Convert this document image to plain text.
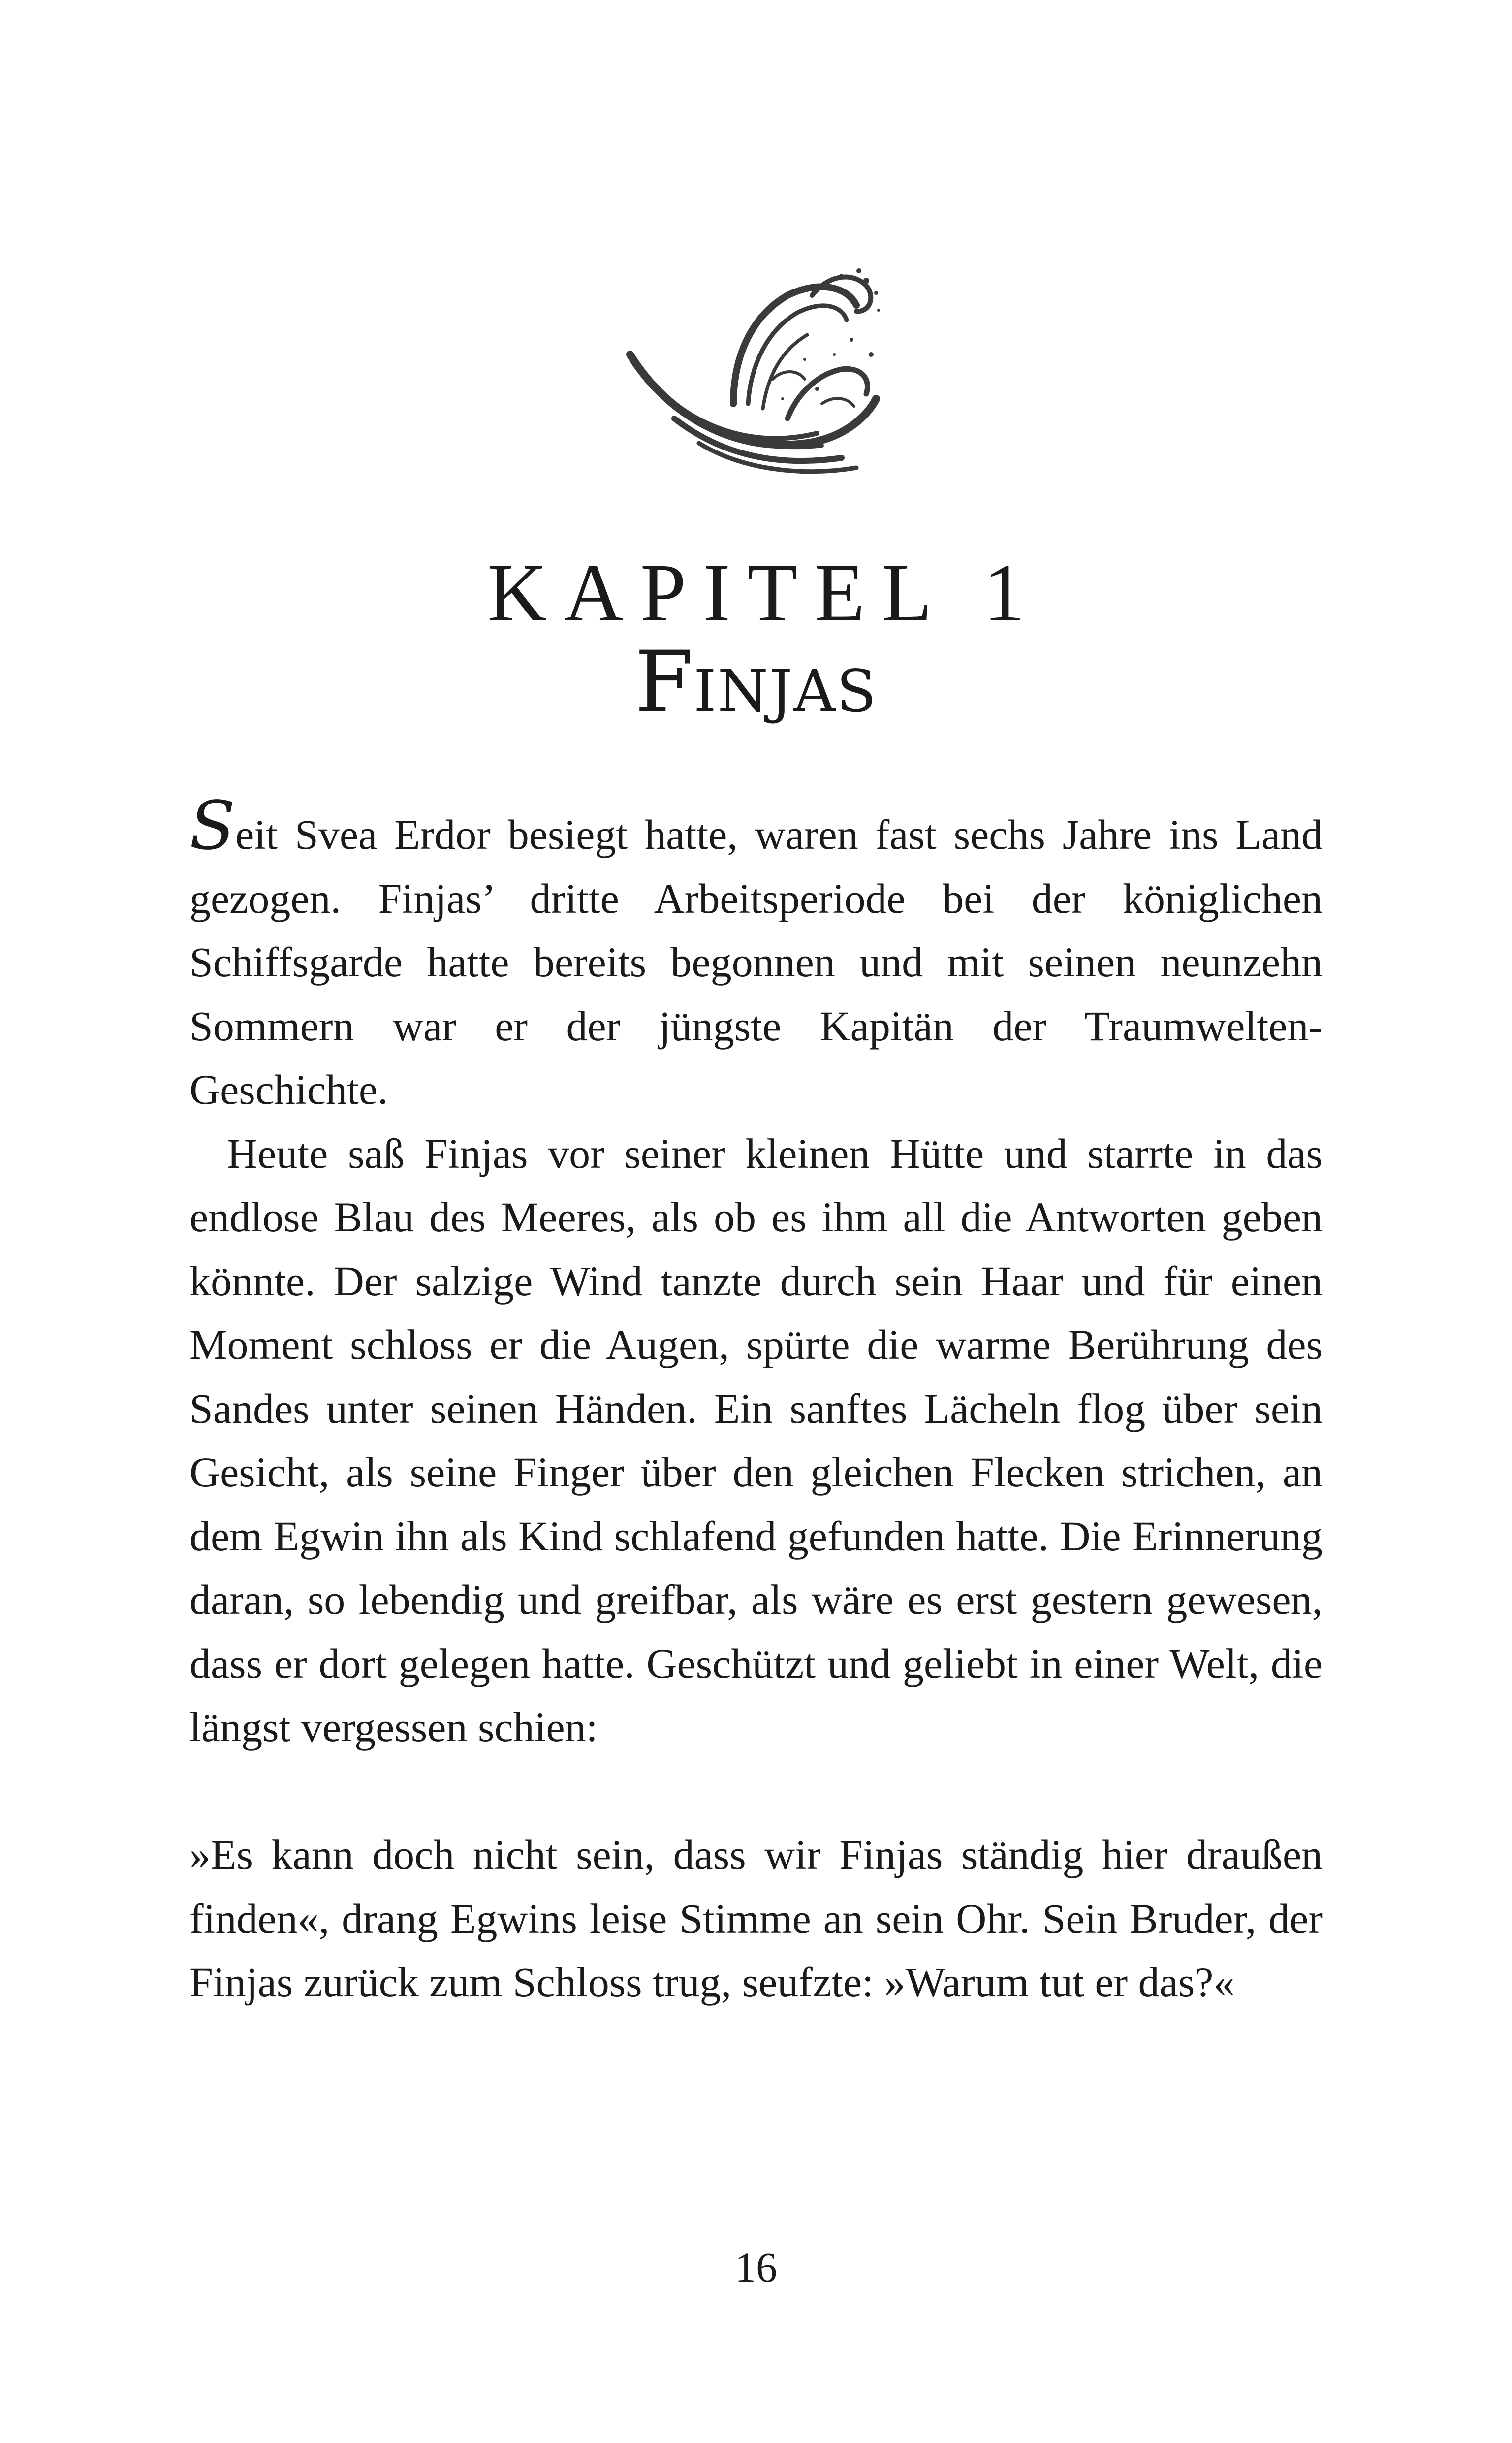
KAPITEL 1
FINJAS

Seit Svea Erdor besiegt hatte, waren fast sechs Jahre ins Land gezogen. Finjas’ dritte Arbeitsperiode bei der königlichen Schiffsgarde hatte bereits begonnen und mit seinen neunzehn Sommern war er der jüngste Kapitän der Traumwelten-Geschichte.

Heute saß Finjas vor seiner kleinen Hütte und starrte in das endlose Blau des Meeres, als ob es ihm all die Antworten geben könnte. Der salzige Wind tanzte durch sein Haar und für einen Moment schloss er die Augen, spürte die warme Berührung des Sandes unter seinen Händen. Ein sanftes Lächeln flog über sein Gesicht, als seine Finger über den gleichen Flecken strichen, an dem Egwin ihn als Kind schlafend gefunden hatte. Die Erinnerung daran, so lebendig und greifbar, als wäre es erst gestern gewesen, dass er dort gelegen hatte. Geschützt und geliebt in einer Welt, die längst vergessen schien:

»Es kann doch nicht sein, dass wir Finjas ständig hier draußen finden«, drang Egwins leise Stimme an sein Ohr. Sein Bruder, der Finjas zurück zum Schloss trug, seufzte: »Warum tut er das?«

16
